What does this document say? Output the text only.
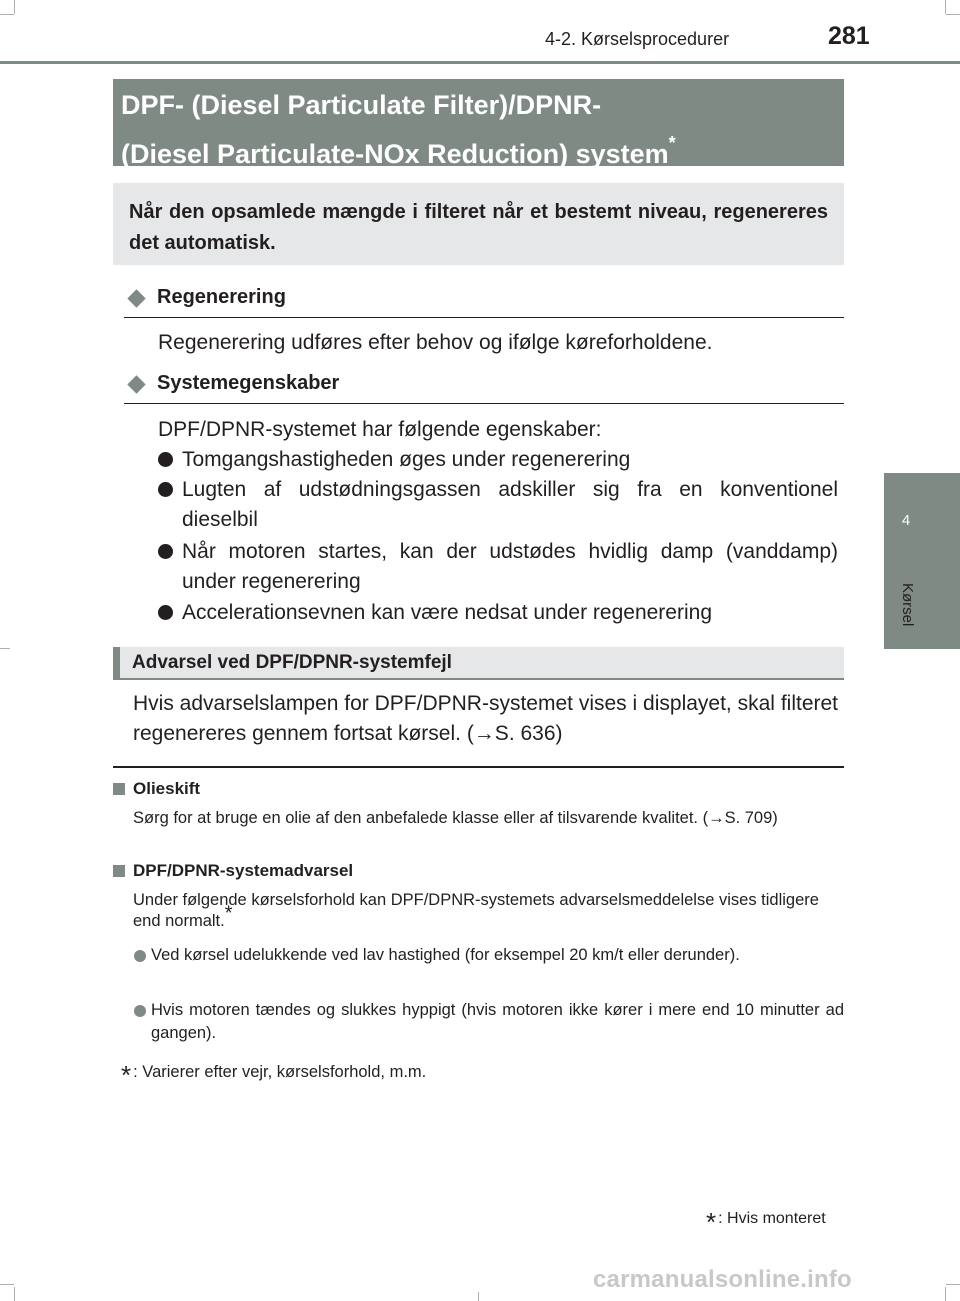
4-2. Kørselsprocedurer	281
4
Kørsel
DPF- (Diesel Particulate Filter)/DPNR-
(Diesel Particulate-NOx Reduction) system*
Når den opsamlede mængde i filteret når et bestemt niveau, regenereres det automatisk.
Regenerering
Regenerering udføres efter behov og ifølge køreforholdene.
Systemegenskaber
DPF/DPNR-systemet har følgende egenskaber:
Tomgangshastigheden øges under regenerering
Lugten af udstødningsgassen adskiller sig fra en konventionel dieselbil
Når motoren startes, kan der udstødes hvidlig damp (vanddamp) under regenerering
Accelerationsevnen kan være nedsat under regenerering
Advarsel ved DPF/DPNR-systemfejl
Hvis advarselslampen for DPF/DPNR-systemet vises i displayet, skal filteret regenereres gennem fortsat kørsel. (→S. 636)
Olieskift
Sørg for at bruge en olie af den anbefalede klasse eller af tilsvarende kvalitet. (→S. 709)
DPF/DPNR-systemadvarsel
Under følgende kørselsforhold kan DPF/DPNR-systemets advarselsmeddelelse vises tidligere end normalt.*
Ved kørsel udelukkende ved lav hastighed (for eksempel 20 km/t eller derunder).
Hvis motoren tændes og slukkes hyppigt (hvis motoren ikke kører i mere end 10 minutter ad gangen).
* : Varierer efter vejr, kørselsforhold, m.m.
* : Hvis monteret
carmanualsonline.info
